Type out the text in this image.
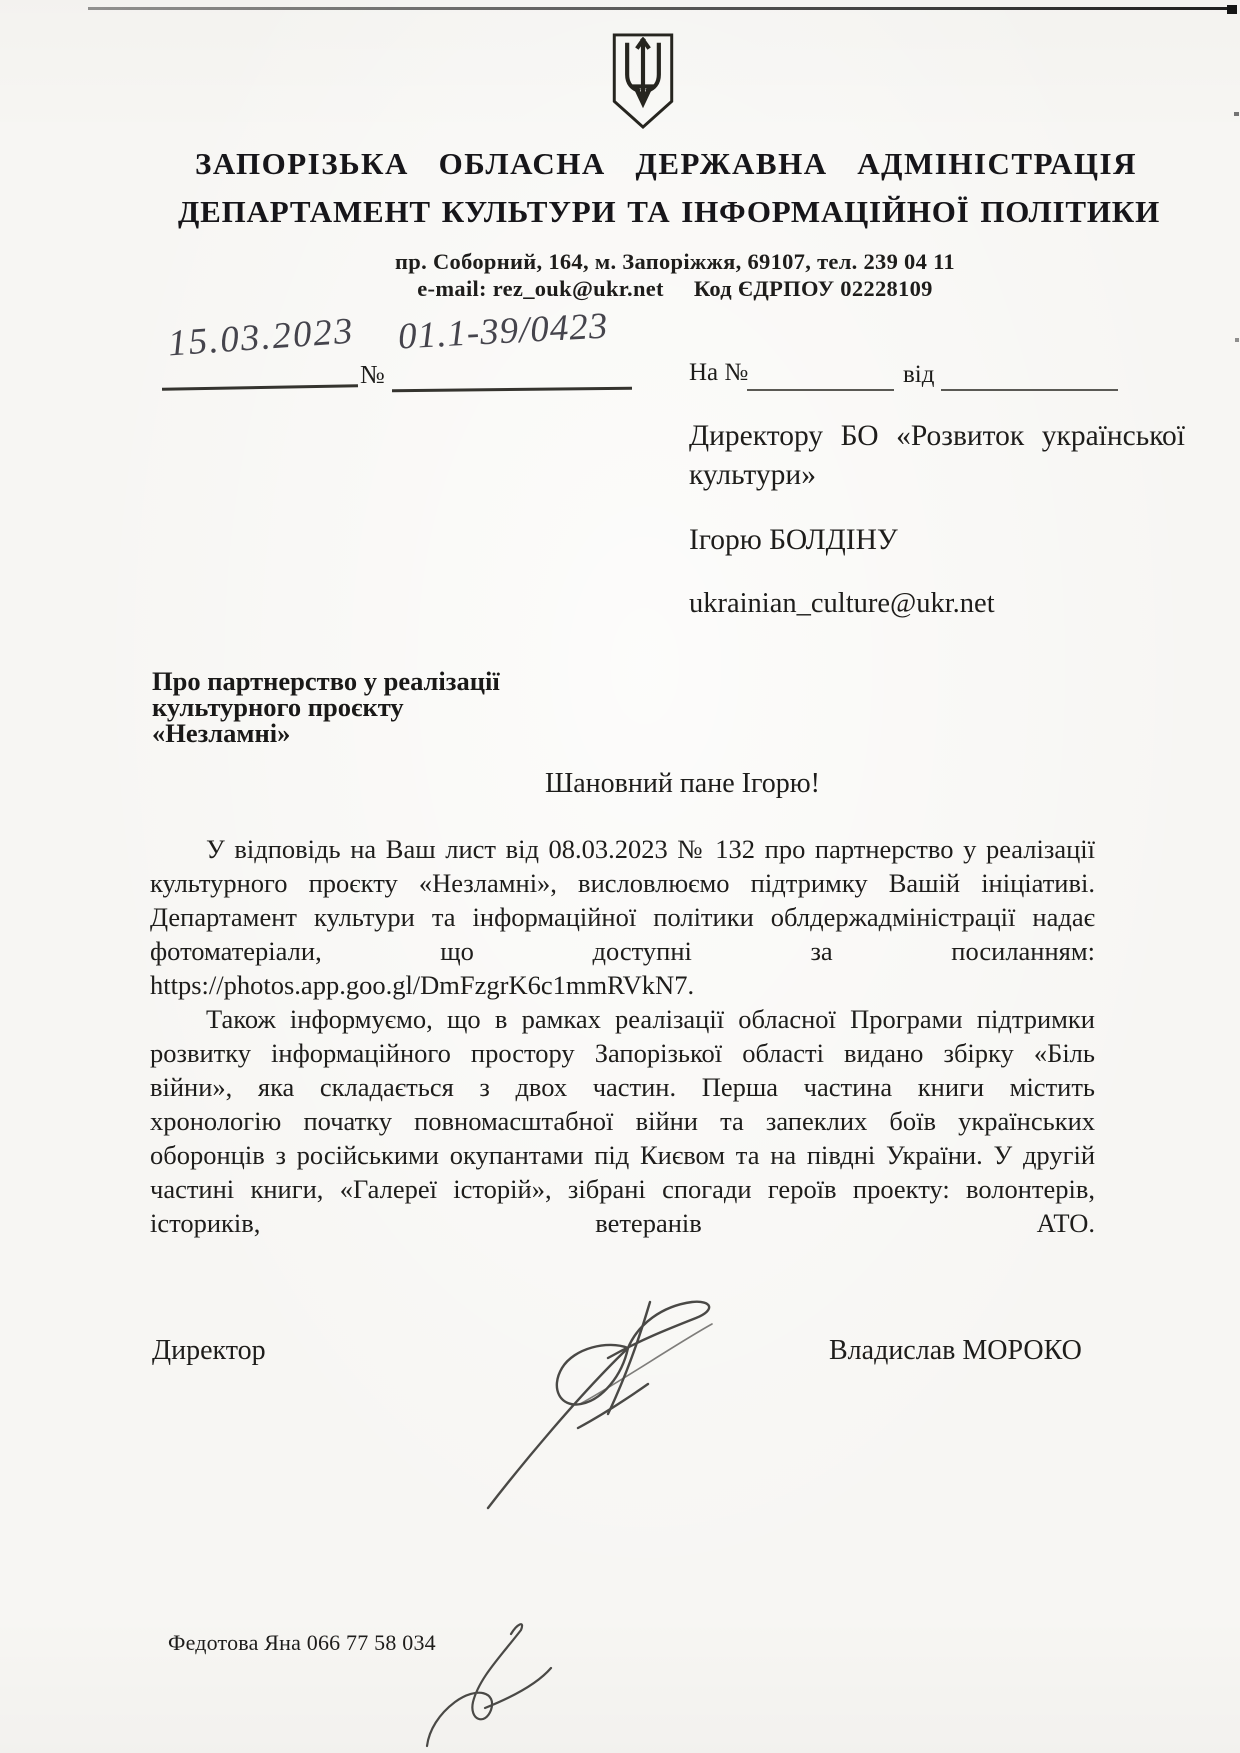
ЗАПОРІЗЬКА ОБЛАСНА ДЕРЖАВНА АДМІНІСТРАЦІЯ
ДЕПАРТАМЕНТ КУЛЬТУРИ ТА ІНФОРМАЦІЙНОЇ ПОЛІТИКИ
пр. Соборний, 164, м. Запоріжжя, 69107, тел. 239 04 11
e-mail: rez_ouk@ukr.net Код ЄДРПОУ 02228109
15.03.2023
№
01.1-39/0423
На №	від
Директору БО «Розвиток української
культури»
Ігорю БОЛДІНУ
ukrainian_culture@ukr.net
Про партнерство у реалізації
культурного проєкту
«Незламні»
Шановний пане Ігорю!
У відповідь на Ваш лист від 08.03.2023 № 132 про партнерство у реалізації
культурного проєкту «Незламні», висловлюємо підтримку Вашій ініціативі.
Департамент культури та інформаційної політики облдержадміністрації надає
фотоматеріали, що доступні за посиланням:
https://photos.app.goo.gl/DmFzgrK6c1mmRVkN7.
Також інформуємо, що в рамках реалізації обласної Програми підтримки
розвитку інформаційного простору Запорізької області видано збірку «Біль
війни», яка складається з двох частин. Перша частина книги містить
хронологію початку повномасштабної війни та запеклих боїв українських
оборонців з російськими окупантами під Києвом та на півдні України. У другій
частині книги, «Галереї історій», зібрані спогади героїв проекту: волонтерів,
істориків, ветеранів АТО.
Директор	Владислав МОРОКО
Федотова Яна 066 77 58 034
